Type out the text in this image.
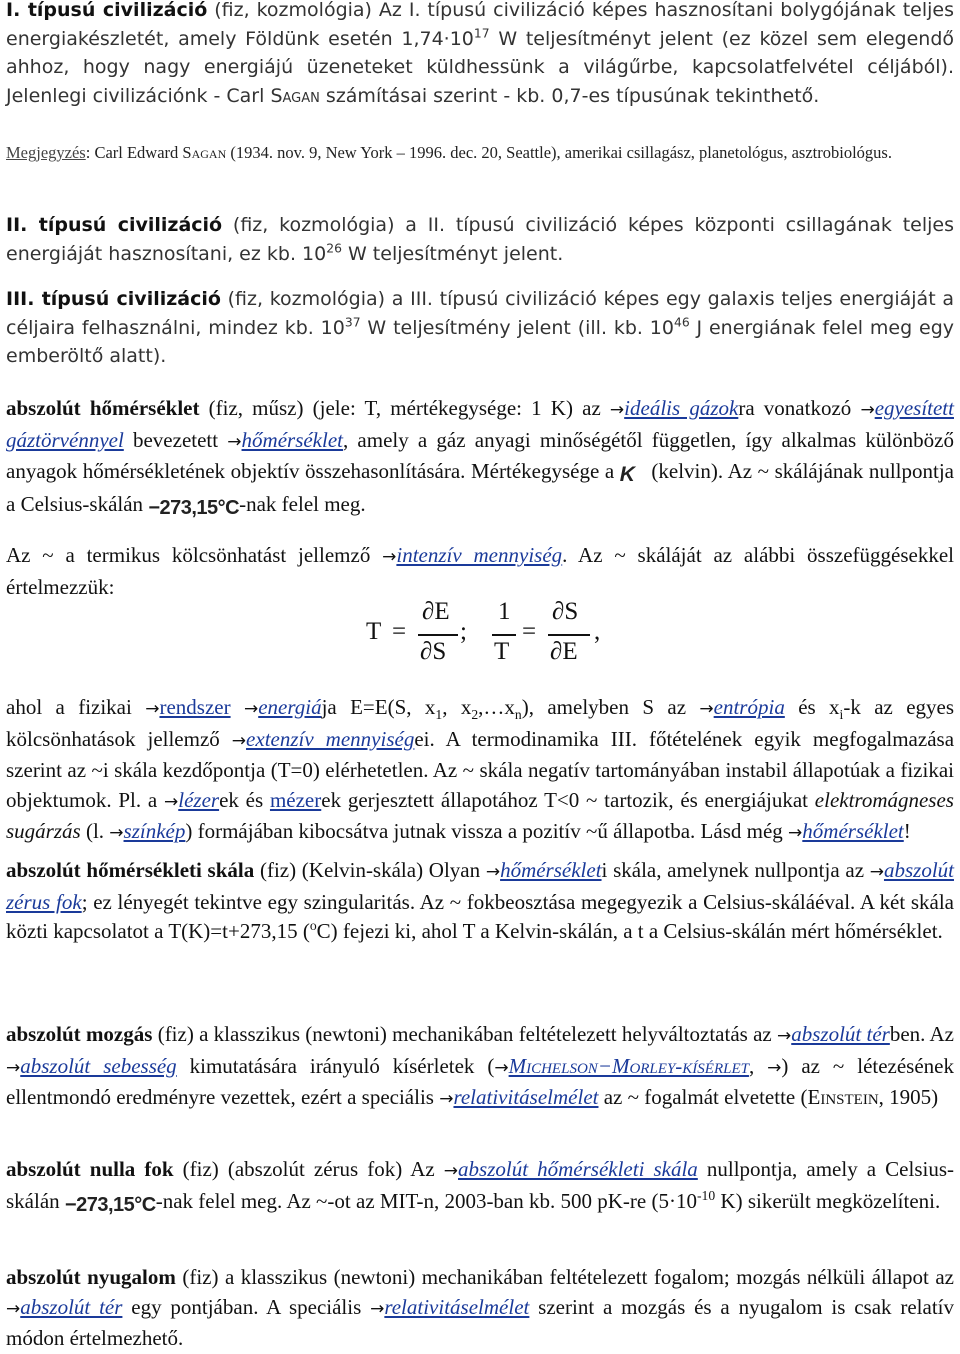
I. típusú civilizáció (fiz, kozmológia) Az I. típusú civilizáció képes hasznosítani bolygójának teljes energiakészletét, amely Földünk esetén $1,74\cdot 10^{17}$ W teljesítményt jelent (ez közel sem elegendő ahhoz, hogy nagy energiájú üzeneteket küldhessünk a világűrbe, kapcsolatfelvétel céljából). Jelenlegi civilizációnk - Carl Sagan számításai szerint - kb. 0,7-es típusúnak tekinthető.

Megjegyzés: Carl Edward Sagan (1934. nov. 9, New York – 1996. dec. 20, Seattle), amerikai csillagász, planetológus, asztrobiológus.

II. típusú civilizáció (fiz, kozmológia) a II. típusú civilizáció képes központi csillagának teljes energiáját hasznosítani, ez kb. $10^{26}$ W teljesítményt jelent.

III. típusú civilizáció (fiz, kozmológia) a III. típusú civilizáció képes egy galaxis teljes energiáját a céljaira felhasználni, mindez kb. $10^{37}$ W teljesítmény jelent (ill. kb. $10^{46}$ J energiának felel meg egy emberöltő alatt).

abszolút hőmérséklet (fiz, műsz) (jele: T, mértékegysége: 1 K) az →ideális gázokra vonatkozó →egyesített gáztörvénnyel bevezetett →hőmérséklet, amely a gáz anyagi minőségétől független, így alkalmas különböző anyagok hőmérsékletének objektív összehasonlítására. Mértékegysége a K (kelvin). Az ~ skálájának nullpontja a Celsius-skálán −273,15°C-nak felel meg.

Az ~ a termikus kölcsönhatást jellemző →intenzív mennyiség. Az ~ skáláját az alábbi összefüggésekkel értelmezzük:

T =
∂E
∂S
;
1
T
=
∂S
∂E
,

ahol a fizikai →rendszer →energiája E=E(S, $x_1$, $x_2,\dots x_n$), amelyben S az →entrópia és $x_i-k$ az egyes kölcsönhatások jellemző →extenzív mennyiségei. A termodinamika III. főtételének egyik megfogalmazása szerint az ~i skála kezdőpontja (T=0) elérhetetlen. Az ~ skála negatív tartományában instabil állapotúak a fizikai objektumok. Pl. a →lézerek és mézerek gerjesztett állapotához T<0 ~ tartozik, és energiájukat elektromágneses sugárzás (l. →színkép) formájában kibocsátva jutnak vissza a pozitív ~ű állapotba. Lásd még →hőmérséklet!

abszolút hőmérsékleti skála (fiz) (Kelvin-skála) Olyan →hőmérsékleti skála, amelynek nullpontja az →abszolút zérus fok; ez lényegét tekintve egy szingularitás. Az ~ fokbeosztása megegyezik a Celsius-skáláéval. A két skála közti kapcsolatot a T(K)=t+273,15 ($^o$C) fejezi ki, ahol T a Kelvin-skálán, a t a Celsius-skálán mért hőmérséklet.

abszolút mozgás (fiz) a klasszikus (newtoni) mechanikában feltételezett helyváltoztatás az →abszolút térben. Az →abszolút sebesség kimutatására irányuló kísérletek (→Michelson−Morley-kísérlet, →) az ~ létezésének ellentmondó eredményre vezettek, ezért a speciális →relativitáselmélet az ~ fogalmát elvetette (Einstein, 1905)

abszolút nulla fok (fiz) (abszolút zérus fok) Az →abszolút hőmérsékleti skála nullpontja, amely a Celsius-skálán −273,15°C-nak felel meg. Az ~-ot az MIT-n, 2003-ban kb. 500 pK-re ($5\cdot 10^{-10}$ K) sikerült megközelíteni.

abszolút nyugalom (fiz) a klasszikus (newtoni) mechanikában feltételezett fogalom; mozgás nélküli állapot az →abszolút tér egy pontjában. A speciális →relativitáselmélet szerint a mozgás és a nyugalom is csak relatív módon értelmezhető.
